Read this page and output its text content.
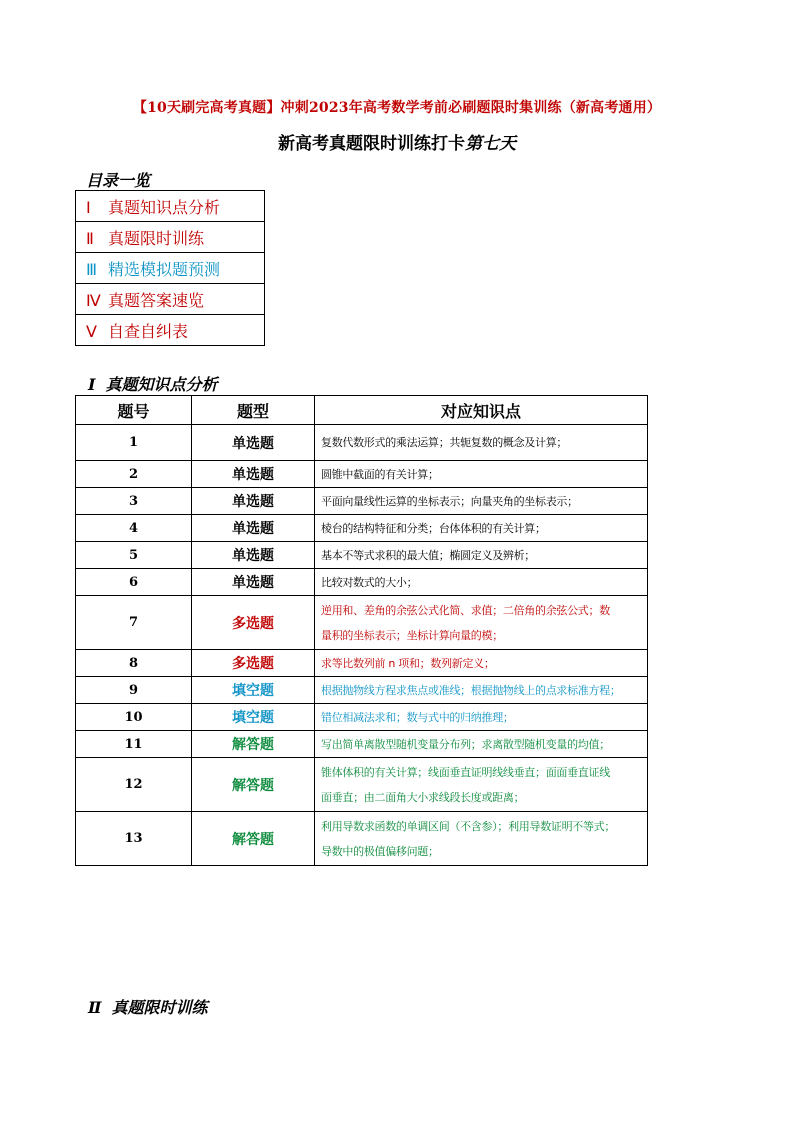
【10天刷完高考真题】冲刺2023年高考数学考前必刷题限时集训练（新高考通用）
新高考真题限时训练打卡第七天
目录一览
Ⅰ 真题知识点分析
Ⅱ 真题限时训练
Ⅲ 精选模拟题预测
Ⅳ 真题答案速览
Ⅴ 自查自纠表
Ⅰ 真题知识点分析
题号	题型	对应知识点
1	单选题	复数代数形式的乘法运算；共轭复数的概念及计算；

2	单选题	圆锥中截面的有关计算；

3	单选题	平面向量线性运算的坐标表示；向量夹角的坐标表示；

4	单选题	棱台的结构特征和分类；台体体积的有关计算；

5	单选题	基本不等式求积的最大值；椭圆定义及辨析；

6	单选题	比较对数式的大小；

7	多选题	逆用和、差角的余弦公式化简、求值；二倍角的余弦公式；数
量积的坐标表示；坐标计算向量的模；

8	多选题	求等比数列前 n 项和；数列新定义；

9	填空题	根据抛物线方程求焦点或准线；根据抛物线上的点求标准方程；

10	填空题	错位相减法求和；数与式中的归纳推理；

11	解答题	写出简单离散型随机变量分布列；求离散型随机变量的均值；

12	解答题	锥体体积的有关计算；线面垂直证明线线垂直；面面垂直证线
面垂直；由二面角大小求线段长度或距离；

13	解答题	利用导数求函数的单调区间（不含参）；利用导数证明不等式；
导数中的极值偏移问题；
Ⅱ 真题限时训练
